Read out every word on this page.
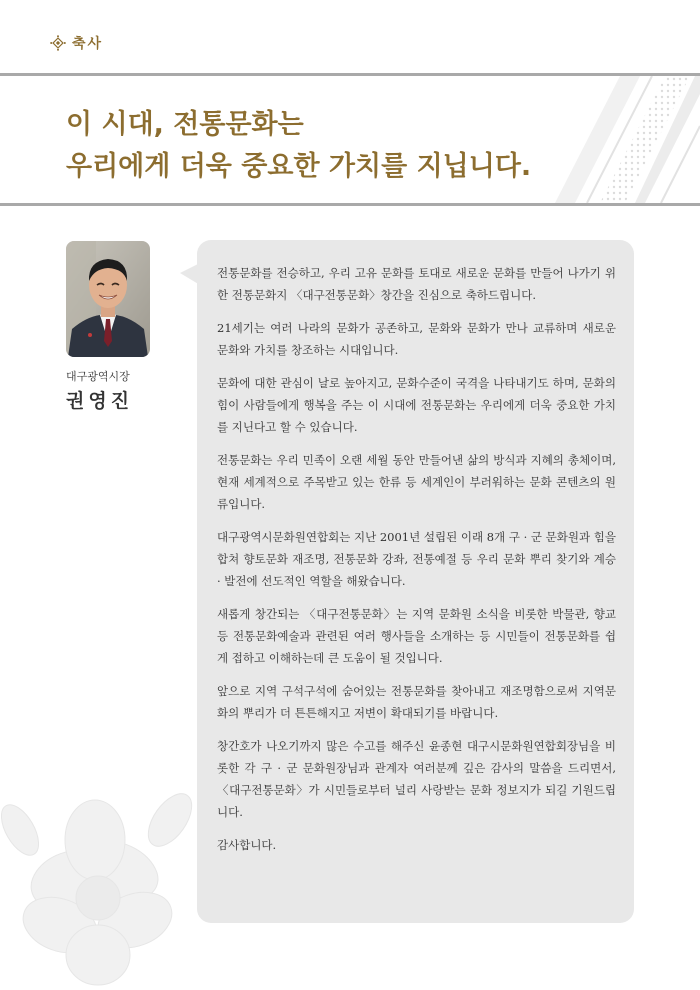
축사
이 시대, 전통문화는
우리에게 더욱 중요한 가치를 지닙니다.
대구광역시장
권영진

전통문화를 전승하고, 우리 고유 문화를 토대로 새로운 문화를 만들어 나가기 위한 전통문화지 〈대구전통문화〉창간을 진심으로 축하드립니다.

21세기는 여러 나라의 문화가 공존하고, 문화와 문화가 만나 교류하며 새로운 문화와 가치를 창조하는 시대입니다.

문화에 대한 관심이 날로 높아지고, 문화수준이 국격을 나타내기도 하며, 문화의 힘이 사람들에게 행복을 주는 이 시대에 전통문화는 우리에게 더욱 중요한 가치를 지닌다고 할 수 있습니다.

전통문화는 우리 민족이 오랜 세월 동안 만들어낸 삶의 방식과 지혜의 총체이며, 현재 세계적으로 주목받고 있는 한류 등 세계인이 부러워하는 문화 콘텐츠의 원류입니다.

대구광역시문화원연합회는 지난 2001년 설립된 이래 8개 구 · 군 문화원과 힘을 합쳐 향토문화 재조명, 전통문화 강좌, 전통예절 등 우리 문화 뿌리 찾기와 계승 · 발전에 선도적인 역할을 해왔습니다.

새롭게 창간되는 〈대구전통문화〉는 지역 문화원 소식을 비롯한 박물관, 향교 등 전통문화예술과 관련된 여러 행사들을 소개하는 등 시민들이 전통문화를 쉽게 접하고 이해하는데 큰 도움이 될 것입니다.

앞으로 지역 구석구석에 숨어있는 전통문화를 찾아내고 재조명함으로써 지역문화의 뿌리가 더 튼튼해지고 저변이 확대되기를 바랍니다.

창간호가 나오기까지 많은 수고를 해주신 윤종현 대구시문화원연합회장님을 비롯한 각 구 · 군 문화원장님과 관계자 여러분께 깊은 감사의 말씀을 드리면서, 〈대구전통문화〉가 시민들로부터 널리 사랑받는 문화 정보지가 되길 기원드립니다.

감사합니다.
